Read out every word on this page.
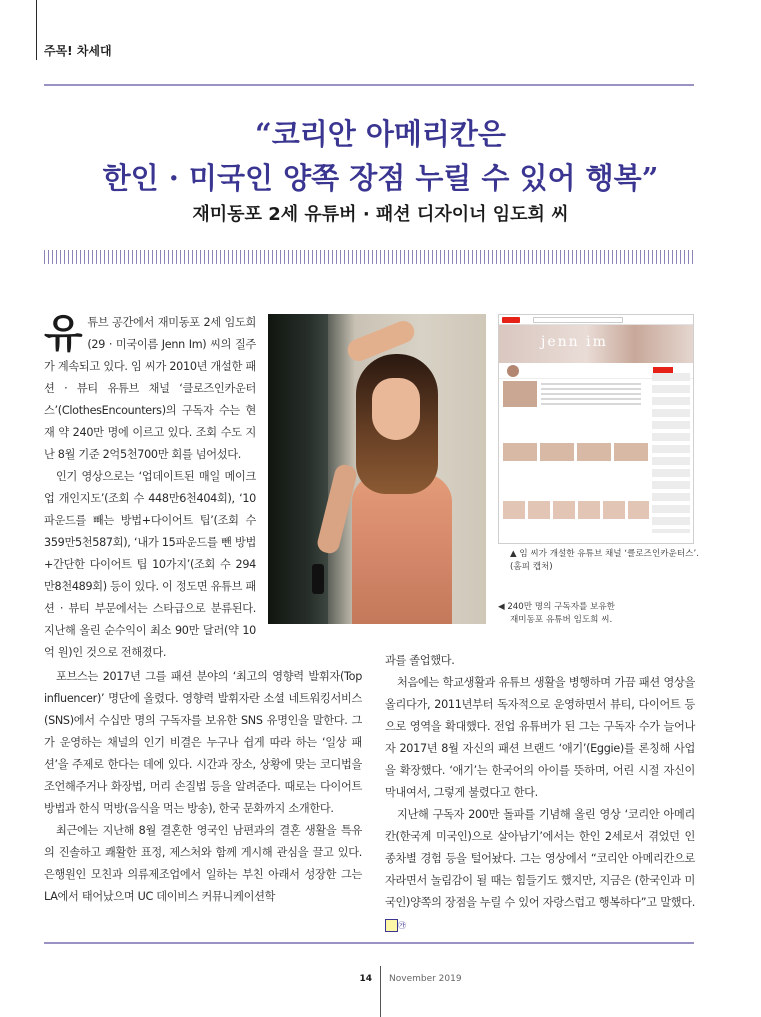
주목! 차세대
“코리안 아메리칸은
한인 · 미국인 양쪽 장점 누릴 수 있어 행복”
재미동포 2세 유튜버 · 패션 디자이너 임도희 씨

유튜브 공간에서 재미동포 2세 임도희(29 · 미국이름 Jenn Im) 씨의 질주가 계속되고 있다. 임 씨가 2010년 개설한 패션 · 뷰티 유튜브 채널 ‘클로즈인카운터스’(ClothesEncounters)의 구독자 수는 현재 약 240만 명에 이르고 있다. 조회 수도 지난 8월 기준 2억5천700만 회를 넘어섰다.

인기 영상으로는 ‘업데이트된 매일 메이크업 개인지도’(조회 수 448만6천404회), ‘10파운드를 빼는 방법+다이어트 팁’(조회 수 359만5천587회), ‘내가 15파운드를 뺀 방법+간단한 다이어트 팁 10가지’(조회 수 294만8천489회) 등이 있다. 이 정도면 유튜브 패션 · 뷰티 부문에서는 스타급으로 분류된다. 지난해 올린 순수익이 최소 90만 달러(약 10억 원)인 것으로 전해졌다.

jenn im
▲ 임 씨가 개설한 유튜브 채널 ‘클로즈인카운터스’. (홈피 캡처)
◀ 240만 명의 구독자를 보유한
재미동포 유튜버 임도희 씨.

포브스는 2017년 그를 패션 분야의 ‘최고의 영향력 발휘자(Top influencer)’ 명단에 올렸다. 영향력 발휘자란 소셜 네트워킹서비스(SNS)에서 수십만 명의 구독자를 보유한 SNS 유명인을 말한다. 그가 운영하는 채널의 인기 비결은 누구나 쉽게 따라 하는 ‘일상 패션’을 주제로 한다는 데에 있다. 시간과 장소, 상황에 맞는 코디법을 조언해주거나 화장법, 머리 손질법 등을 알려준다. 때로는 다이어트 방법과 한식 먹방(음식을 먹는 방송), 한국 문화까지 소개한다.

최근에는 지난해 8월 결혼한 영국인 남편과의 결혼 생활을 특유의 진솔하고 쾌활한 표정, 제스처와 함께 게시해 관심을 끌고 있다. 은행원인 모친과 의류제조업에서 일하는 부친 아래서 성장한 그는 LA에서 태어났으며 UC 데이비스 커뮤니케이션학

과를 졸업했다.

처음에는 학교생활과 유튜브 생활을 병행하며 가끔 패션 영상을 올리다가, 2011년부터 독자적으로 운영하면서 뷰티, 다이어트 등으로 영역을 확대했다. 전업 유튜버가 된 그는 구독자 수가 늘어나자 2017년 8월 자신의 패션 브랜드 ‘애기’(Eggie)를 론칭해 사업을 확장했다. ‘애기’는 한국어의 아이를 뜻하며, 어린 시절 자신이 막내여서, 그렇게 불렸다고 한다.

지난해 구독자 200만 돌파를 기념해 올린 영상 ‘코리안 아메리칸(한국계 미국인)으로 살아남기’에서는 한인 2세로서 겪었던 인종차별 경험 등을 털어놨다. 그는 영상에서 “코리안 아메리칸으로 자라면서 놀림감이 될 때는 힘들기도 했지만, 지금은 (한국인과 미국인)양쪽의 장점을 누릴 수 있어 자랑스럽고 행복하다”고 말했다. ㉮

14 November 2019
